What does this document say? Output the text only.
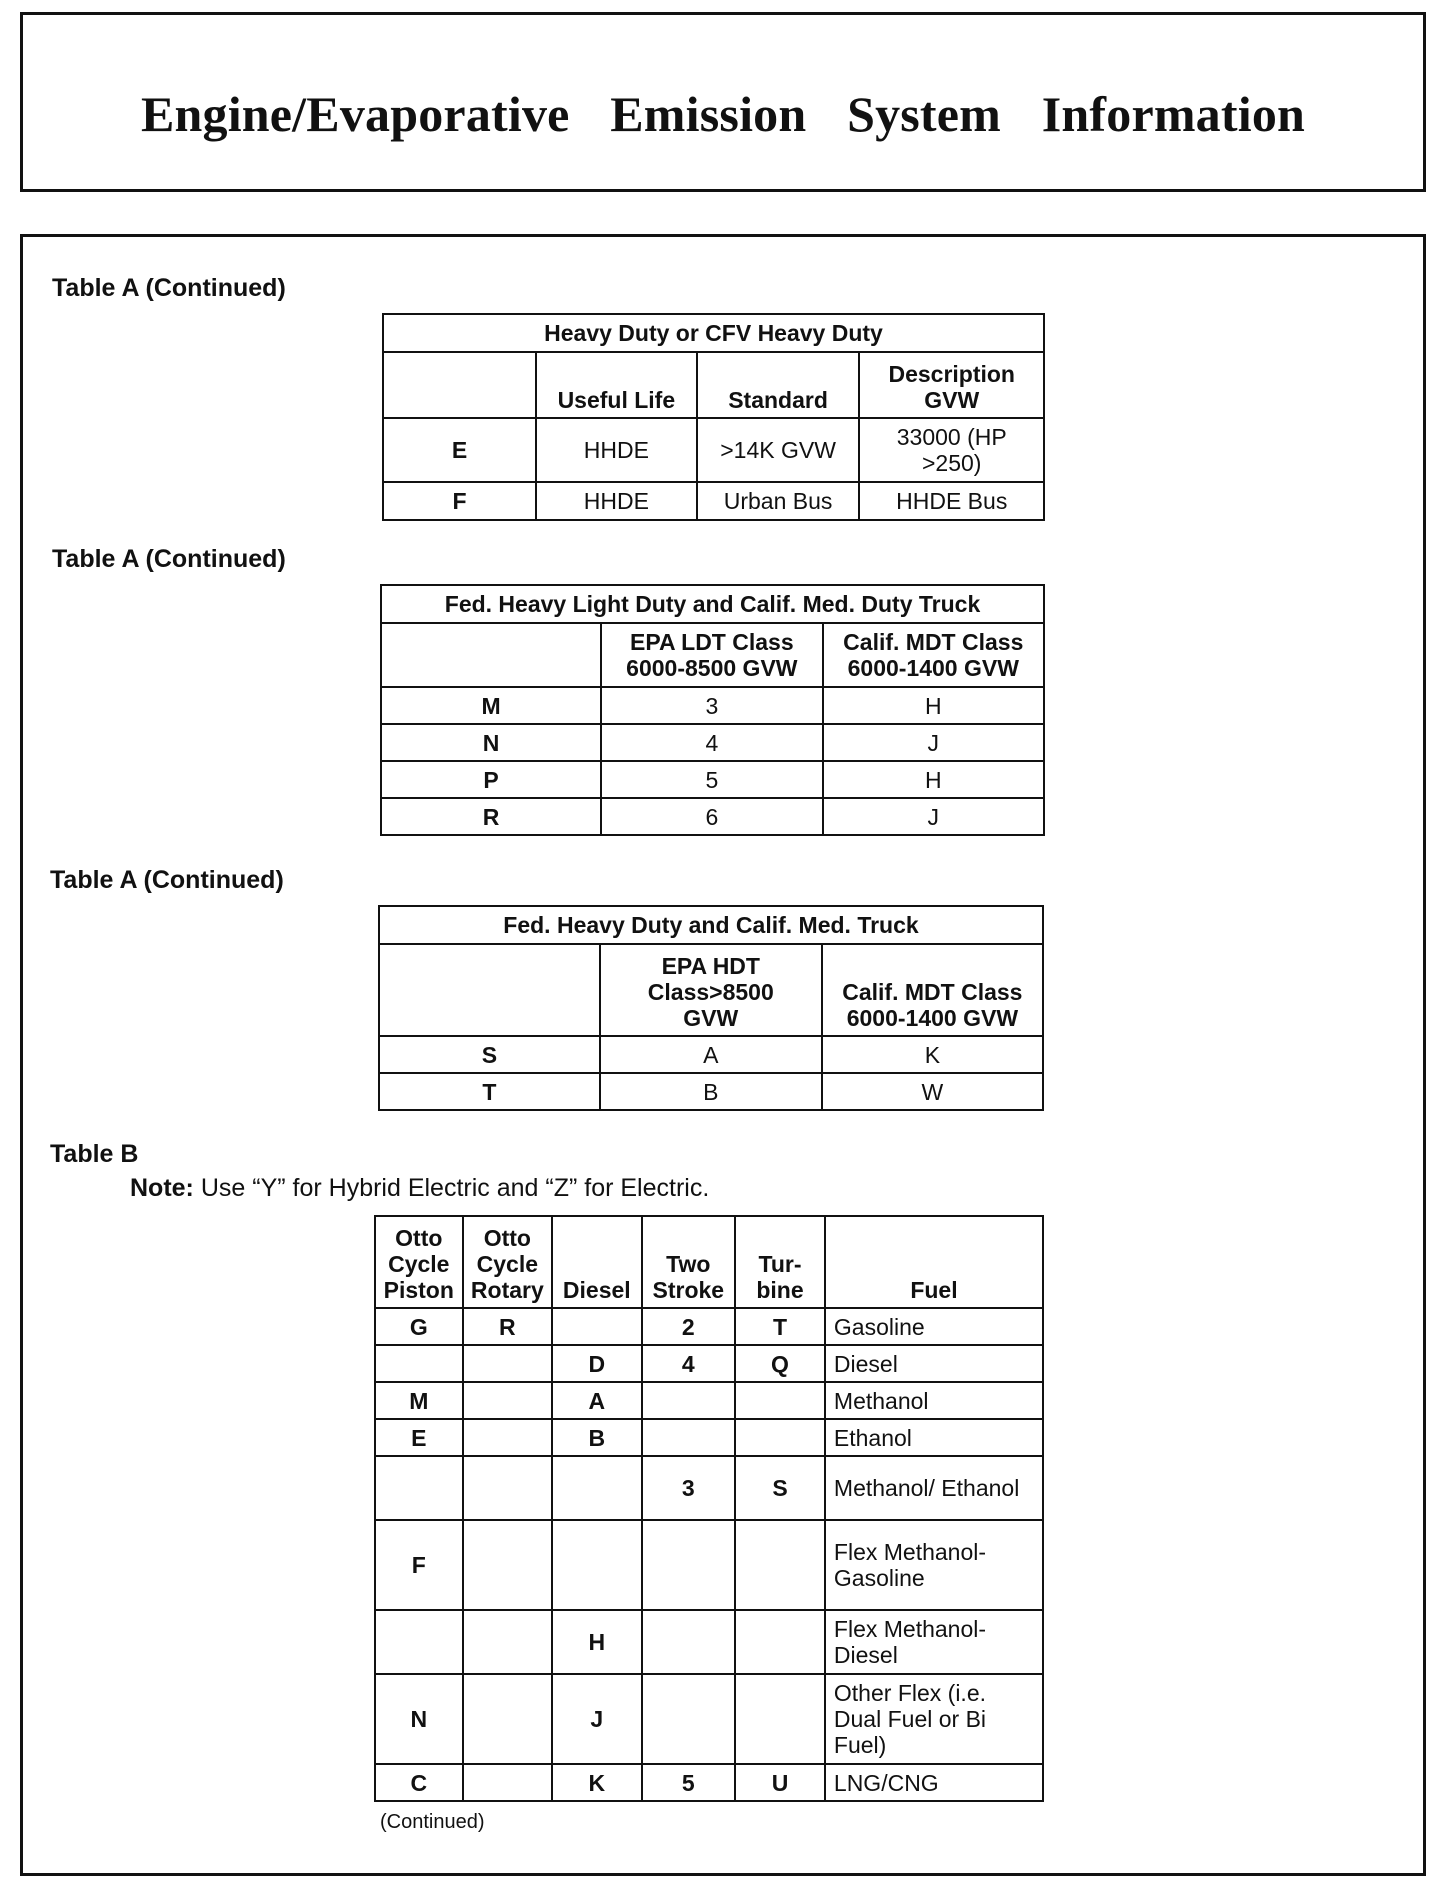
Engine/Evaporative Emission System Information
Table A (Continued)
Heavy Duty or CFV Heavy Duty			
	Useful Life	Standard	Description GVW
E	HHDE	>14K GVW	33000 (HP >250)
F	HHDE	Urban Bus	HHDE Bus
Table A (Continued)
Fed. Heavy Light Duty and Calif. Med. Duty Truck		
	EPA LDT Class 6000-8500 GVW	Calif. MDT Class 6000-1400 GVW
M	3	H
N	4	J
P	5	H
R	6	J
Table A (Continued)
Fed. Heavy Duty and Calif. Med. Truck		
	EPA HDT Class>8500 GVW	Calif. MDT Class 6000-1400 GVW
S	A	K
T	B	W
Table B
Note: Use “Y” for Hybrid Electric and “Z” for Electric.
Otto Cycle Piston	Otto Cycle Rotary	Diesel	Two Stroke	Tur- bine	Fuel
G	R		2	T	Gasoline
		D	4	Q	Diesel
M		A			Methanol
E		B			Ethanol
			3	S	Methanol/ Ethanol
F					Flex Methanol- Gasoline
		H			Flex Methanol-Diesel
N		J			Other Flex (i.e. Dual Fuel or Bi Fuel)
C		K	5	U	LNG/CNG
(Continued)
